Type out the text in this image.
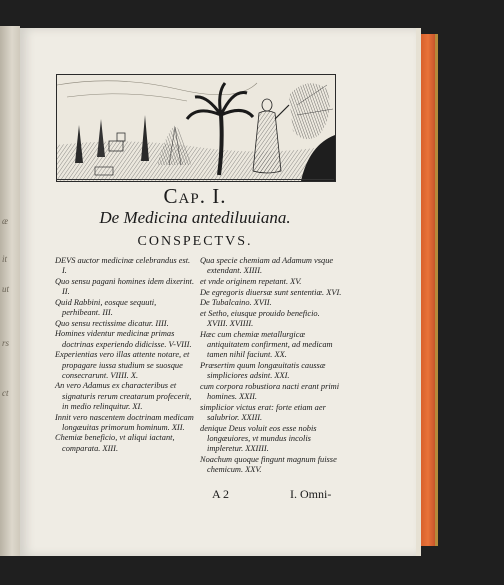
æ
it
ut
rs
ct
Cap. I.
De Medicina antediluuiana.
CONSPECTVS.

DEVS auctor medicinæ celebrandus est. I.

Quo sensu pagani homines idem dixerint. II.

Quid Rabbini, eosque sequuti, perhibeant. III.

Quo sensu rectissime dicatur. IIII.

Homines videntur medicinæ primas doctrinas experiendo didicisse. V-VIII.

Experientias vero illas attente notare, et propagare iussa studium se suosque consecrarunt. VIIII. X.

An vero Adamus ex characteribus et signaturis rerum creatarum profecerit, in medio relinquitur. XI.

Innit vero nascentem doctrinam medicam longæuitas primorum hominum. XII.

Chemiæ beneficio, vt aliqui iactant, comparata. XIII.

Qua specie chemiam ad Adamum vsque extendant. XIIII.

et vnde originem repetant. XV.

De egregoris diuersæ sunt sententiæ. XVI.

De Tubalcaino. XVII.

et Setho, eiusque prouido beneficio. XVIII. XVIIII.

Hæc cum chemiæ metallurgicæ antiquitatem confirment, ad medicam tamen nihil faciunt. XX.

Præsertim quum longæuitatis caussæ simpliciores adsint. XXI.

cum corpora robustiora nacti erant primi homines. XXII.

simplicior victus erat: forte etiam aer salubrior. XXIII.

denique Deus voluit eos esse nobis longæuiores, vt mundus incolis impleretur. XXIIII.

Noachum quoque fingunt magnum fuisse chemicum. XXV.

A 2	I. Omni-
